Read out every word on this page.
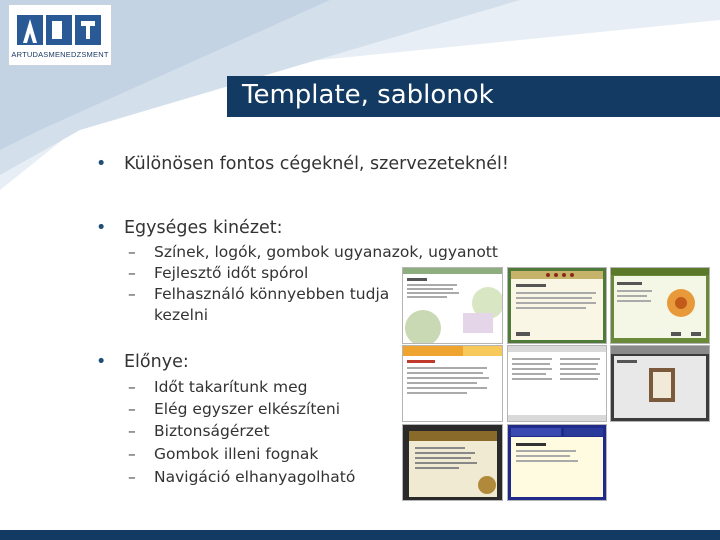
ARTUDASMENEDZSMENT
Template, sablonok
• Különösen fontos cégeknél, szervezeteknél!
• Egységes kinézet:
– Színek, logók, gombok ugyanazok, ugyanott
– Fejlesztő időt spórol
– Felhasználó könnyebben tudja
kezelni
• Előnye:
– Időt takarítunk meg
– Elég egyszer elkészíteni
– Biztonságérzet
– Gombok illeni fognak
– Navigáció elhanyagolható
